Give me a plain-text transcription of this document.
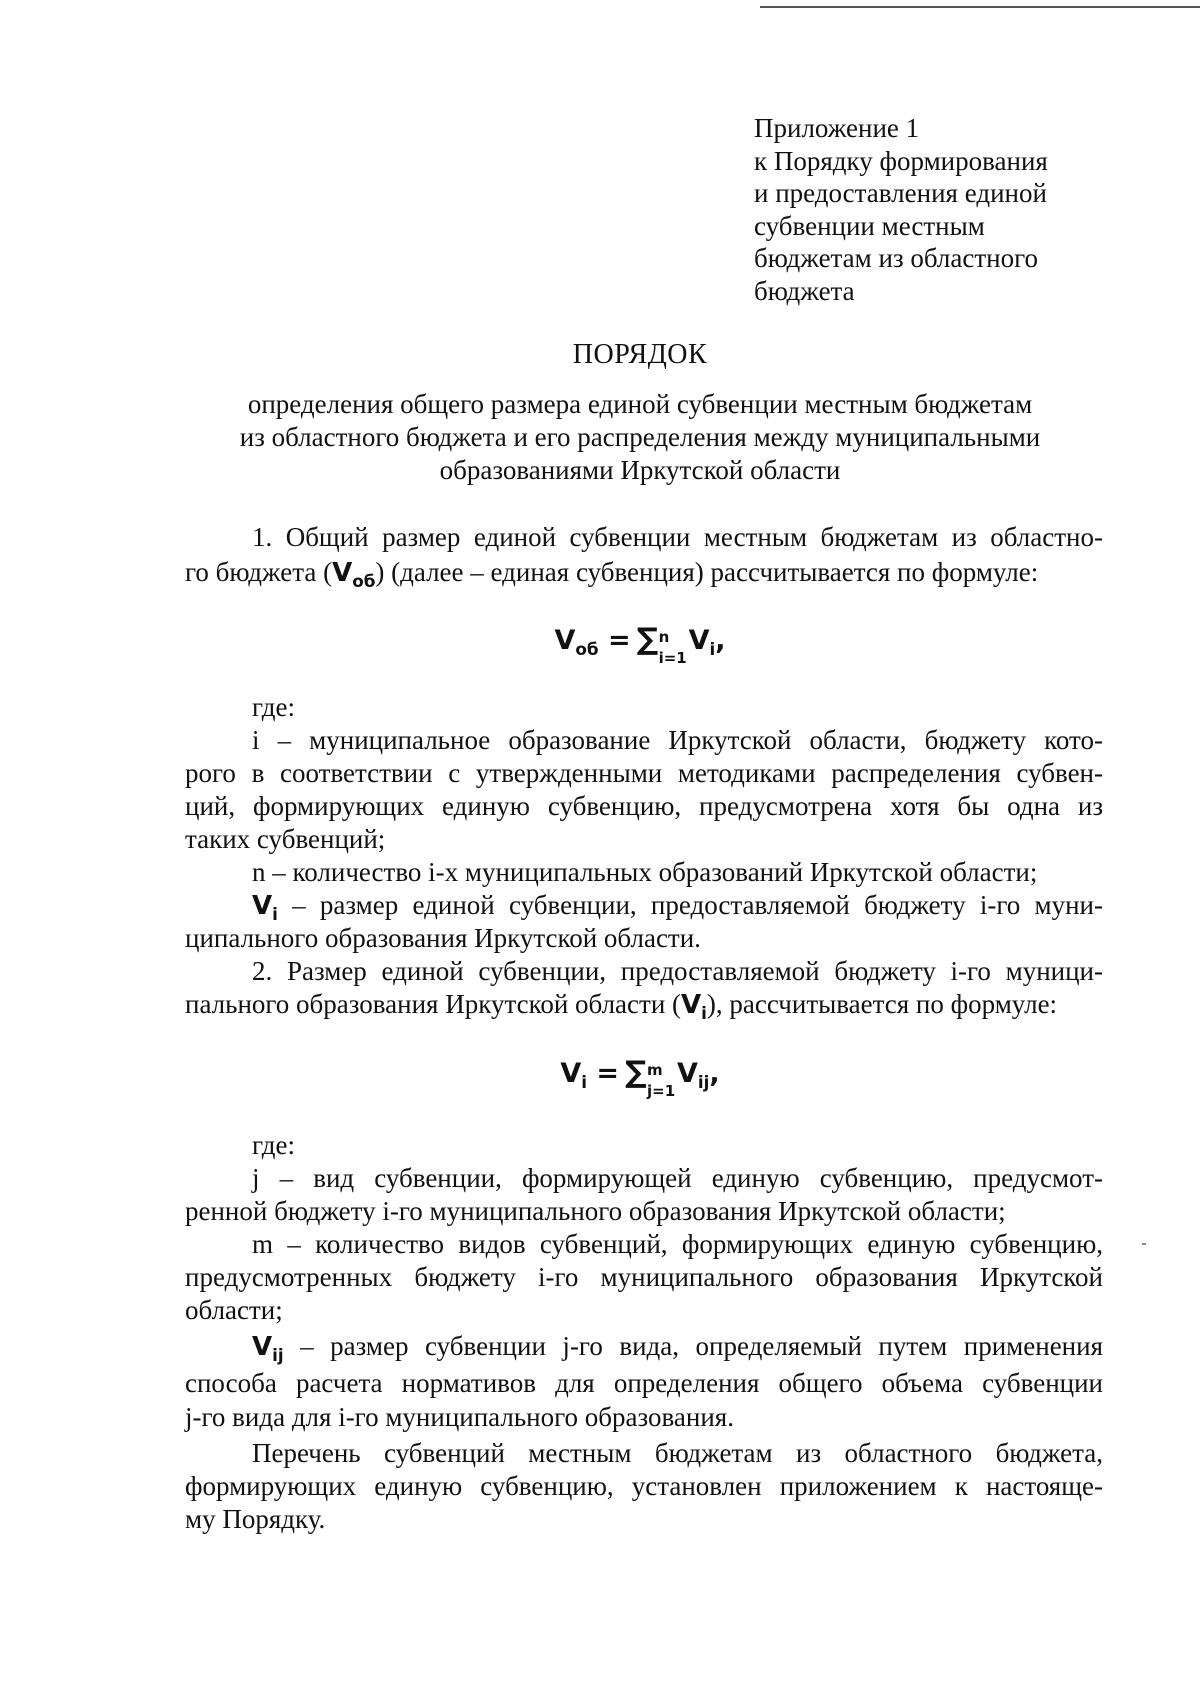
Приложение 1
к Порядку формирования
и предоставления единой
субвенции местным
бюджетам из областного
бюджета
ПОРЯДОК
определения общего размера единой субвенции местным бюджетам
из областного бюджета и его распределения между муниципальными
образованиями Иркутской области
1. Общий размер единой субвенции местным бюджетам из областно-
го бюджета $(V_{об})$ (далее – единая субвенция) рассчитывается по формуле:
$V_{об}$ = ∑ n
i=1
$V_i$,
где:
i – муниципальное образование Иркутской области, бюджету кото-
рого в соответствии с утвержденными методиками распределения субвен-
ций, формирующих единую субвенцию, предусмотрена хотя бы одна из
таких субвенций;
n – количество i-х муниципальных образований Иркутской области;
$V_i$ – размер единой субвенции, предоставляемой бюджету i-го муни-
ципального образования Иркутской области.
2. Размер единой субвенции, предоставляемой бюджету i-го муници-
пального образования Иркутской области $(V_i)$, рассчитывается по формуле:
$V_i$ = ∑ m
j=1
$V_{ij}$,
где:
j – вид субвенции, формирующей единую субвенцию, предусмот-
ренной бюджету i-го муниципального образования Иркутской области;
m – количество видов субвенций, формирующих единую субвенцию,
предусмотренных бюджету i-го муниципального образования Иркутской
области;
$V_{ij}$ – размер субвенции j-го вида, определяемый путем применения
способа расчета нормативов для определения общего объема субвенции
j-го вида для i-го муниципального образования.
Перечень субвенций местным бюджетам из областного бюджета,
формирующих единую субвенцию, установлен приложением к настояще-
му Порядку.
